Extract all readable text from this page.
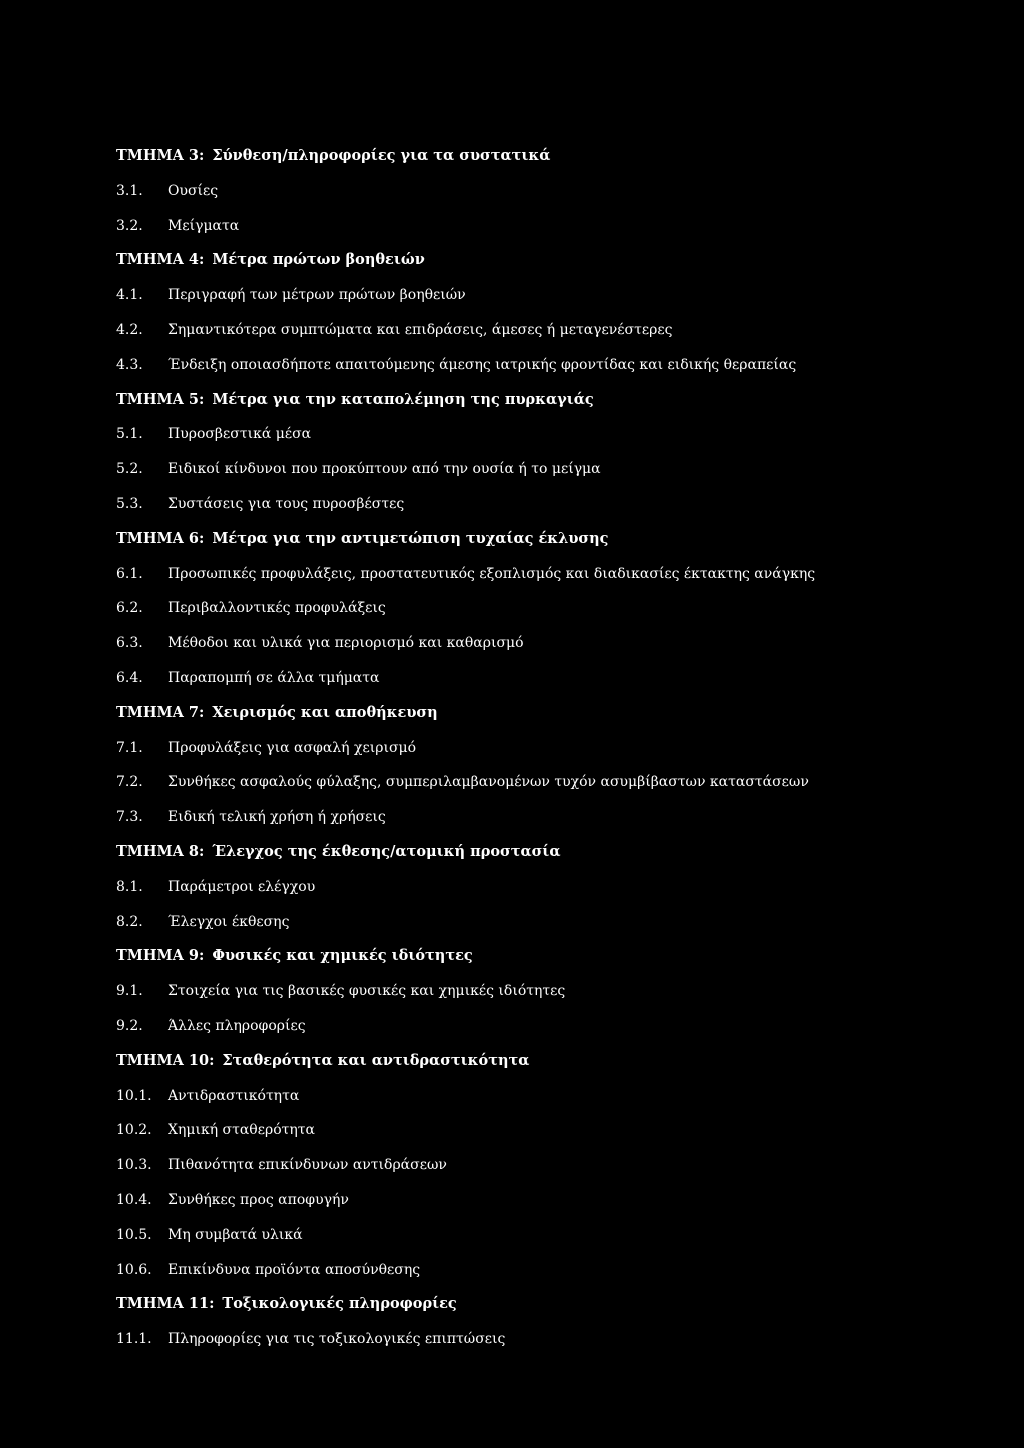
ΤΜΗΜΑ 3: Σύνθεση/πληροφορίες για τα συστατικά
3.1. Ουσίες
3.2. Μείγματα
ΤΜΗΜΑ 4: Μέτρα πρώτων βοηθειών
4.1. Περιγραφή των μέτρων πρώτων βοηθειών
4.2. Σημαντικότερα συμπτώματα και επιδράσεις, άμεσες ή μεταγενέστερες
4.3. Ένδειξη οποιασδήποτε απαιτούμενης άμεσης ιατρικής φροντίδας και ειδικής θεραπείας
ΤΜΗΜΑ 5: Μέτρα για την καταπολέμηση της πυρκαγιάς
5.1. Πυροσβεστικά μέσα
5.2. Ειδικοί κίνδυνοι που προκύπτουν από την ουσία ή το μείγμα
5.3. Συστάσεις για τους πυροσβέστες
ΤΜΗΜΑ 6: Μέτρα για την αντιμετώπιση τυχαίας έκλυσης
6.1. Προσωπικές προφυλάξεις, προστατευτικός εξοπλισμός και διαδικασίες έκτακτης ανάγκης
6.2. Περιβαλλοντικές προφυλάξεις
6.3. Μέθοδοι και υλικά για περιορισμό και καθαρισμό
6.4. Παραπομπή σε άλλα τμήματα
ΤΜΗΜΑ 7: Χειρισμός και αποθήκευση
7.1. Προφυλάξεις για ασφαλή χειρισμό
7.2. Συνθήκες ασφαλούς φύλαξης, συμπεριλαμβανομένων τυχόν ασυμβίβαστων καταστάσεων
7.3. Ειδική τελική χρήση ή χρήσεις
ΤΜΗΜΑ 8: Έλεγχος της έκθεσης/ατομική προστασία
8.1. Παράμετροι ελέγχου
8.2. Έλεγχοι έκθεσης
ΤΜΗΜΑ 9: Φυσικές και χημικές ιδιότητες
9.1. Στοιχεία για τις βασικές φυσικές και χημικές ιδιότητες
9.2. Άλλες πληροφορίες
ΤΜΗΜΑ 10: Σταθερότητα και αντιδραστικότητα
10.1. Αντιδραστικότητα
10.2. Χημική σταθερότητα
10.3. Πιθανότητα επικίνδυνων αντιδράσεων
10.4. Συνθήκες προς αποφυγήν
10.5. Μη συμβατά υλικά
10.6. Επικίνδυνα προϊόντα αποσύνθεσης
ΤΜΗΜΑ 11: Τοξικολογικές πληροφορίες
11.1. Πληροφορίες για τις τοξικολογικές επιπτώσεις
